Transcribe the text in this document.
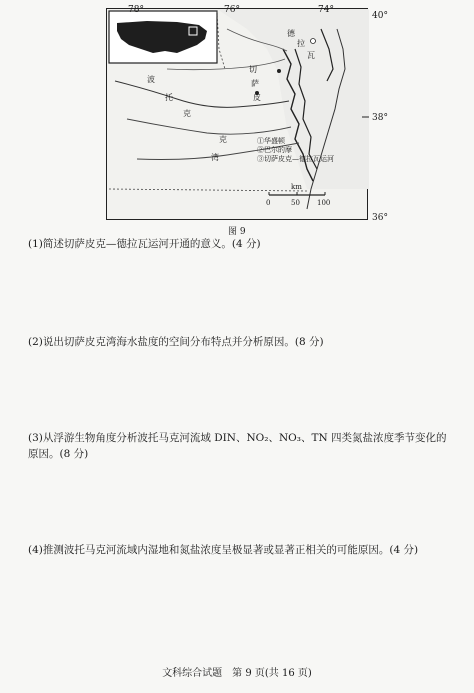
德
拉
瓦
波
托
克
切
萨
皮
克
湾
①华盛顿
②巴尔的摩
③切萨皮克—德拉瓦运河
km
0	50 100
78°	76°	74°
40°
38°
36°
图 9
(1)简述切萨皮克—德拉瓦运河开通的意义。(4 分)
(2)说出切萨皮克湾海水盐度的空间分布特点并分析原因。(8 分)
(3)从浮游生物角度分析波托马克河流域 DIN、NO₂、NO₃、TN 四类氮盐浓度季节变化的原因。(8 分)
(4)推测波托马克河流域内湿地和氮盐浓度呈极显著或显著正相关的可能原因。(4 分)
文科综合试题　第 9 页(共 16 页)
